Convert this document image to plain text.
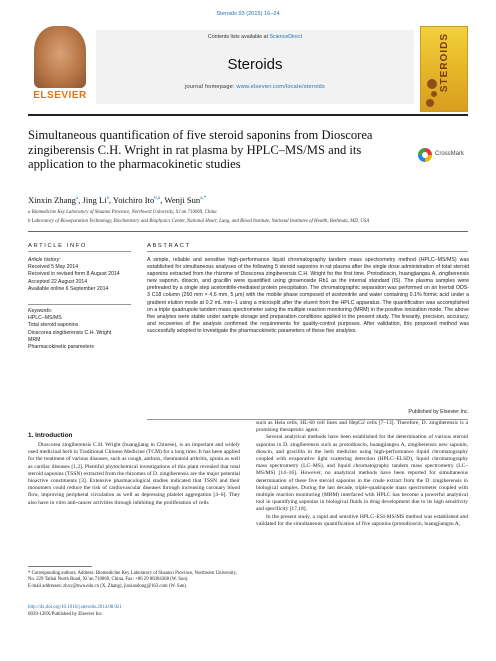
Steroids 93 (2015) 16–24
ELSEVIER
Contents lists available at ScienceDirect
Steroids
journal homepage: www.elsevier.com/locate/steroids	STEROIDS
Simultaneous quantification of five steroid saponins from Dioscorea zingiberensis C.H. Wright in rat plasma by HPLC–MS/MS and its application to the pharmacokinetic studies
CrossMark
Xinxin Zhang$^a$, Jing Li$^a$, Yoichiro Ito$^{b,a}$, Wenji Sun$^{a,*}$
a Biomedicine Key Laboratory of Shaanxi Province, Northwest University, Xi’an 710069, China
b Laboratory of Bioseparation Technology, Biochemistry and Biophysics Center, National Heart, Lung, and Blood Institute, National Institutes of Health, Bethesda, MD, USA
ARTICLE INFO
Article history:
Received 5 May 2014
Received in revised form 8 August 2014
Accepted 22 August 2014
Available online 6 September 2014
Keywords:
HPLC–MS/MS
Total steroid saponins
Dioscorea zingiberensis C.H. Wright
MRM
Pharmacokinetic parameters
ABSTRACT
A simple, reliable and sensitive high-performance liquid chromatography tandem mass spectrometry method (HPLC–MS/MS) was established for simultaneous analyses of the following 5 steroid saponins in rat plasma after the single dose administration of total steroid saponins extracted from the rhizome of Dioscorea zingiberensis C.H. Wright for the first time. Protodioscin, huangjiangsu A, zingiberensis new saponin, dioscin, and gracillin were quantified using ginsenoside Rb1 as the internal standard (IS). The plasma samples were pretreated by a single step acetonitrile-mediated protein precipitation. The chromatographic separation was performed on an Inertsil ODS-3 C18 column (250 mm × 4.6 mm, 5 μm) with the mobile phase composed of acetonitrile and water containing 0.1% formic acid under a gradient elution mode at 0.2 mL min−1 using a microsplit after the eluent from the HPLC apparatus. The quantification was accomplished on a triple quadrupole tandem mass spectrometer using the multiple reaction monitoring (MRM) in the positive ionization mode. The above five analytes were stable under sample storage and preparation conditions applied in the present study. The linearity, precision, accuracy, and recoveries of the analysis confirmed the requirements for quality-control purposes. After validation, this proposed method was successfully adopted to investigate the pharmacokinetic parameters of these five analytes.
Published by Elsevier Inc.
1. Introduction

Dioscorea zingiberensis C.H. Wright (huangjiang in Chinese), is an important and widely used medicinal herb in Traditional Chinese Medicine (TCM) for a long time. It has been applied for the treatment of various diseases, such as cough, anthrax, rheumatoid arthritis, sprain as well as cardiac diseases [1,2]. Plentiful phytochemical investigations of this plant revealed that total steroid saponins (TSSN) extracted from the rhizomes of D. zingiberensis are the major potential bioactive constituents [3]. Extensive pharmacological studies indicated that TSSN and their monomers could reduce the risk of cardiovascular diseases through increasing coronary blood flow, improving peripheral circulation as well as depressing platelet aggregation [4–6]. They also have in vitro anti-cancer activities through inhibiting the proliferation of cells

such as Hela cells, HL-60 cell lines and HepG2 cells [7–13]. Therefore, D. zingiberensis is a promising therapeutic agent.

Several analytical methods have been established for the determination of various steroid saponins in D. zingiberensis such as protodioscin, huangjiangsu A, zingiberensis new saponin, dioscin, and gracillin in the herb medicine using high-performance liquid chromatography coupled with evaporative light scattering detection (HPLC–ELSD), liquid chromatography mass spectrometry (LC–MS), and liquid chromatography tandem mass spectrometry (LC–MS/MS) [14–16]. However, no analytical methods have been reported for simultaneous determination of these five steroid saponins in the crude extract from the D. zingiberensis in biological samples. During the last decade, triple-quadrupole mass spectrometer coupled with multiple reaction monitoring (MRM) interfaced with HPLC has become a powerful analytical tool in quantifying saponins in biological fluids in drug development due to its high sensitivity and specificity [17,18].

In the present study, a rapid and sensitive HPLC–ESI-MS/MS method was established and validated for the simultaneous quantification of five saponins (protodioscin, huangjiangsu A,

* Corresponding authors. Address: Biomedicine Key Laboratory of Shaanxi Province, Northwest University, No. 229 Taibai North Road, Xi’an 710069, China. Fax: +86 29 88304368 (W. Sun).
E-mail addresses: zhxy@nwu.edu.cn (X. Zhang), jiaxiaodong@163.com (W. Sun).
http://dx.doi.org/10.1016/j.steroids.2014.08.021
0039-128X/Published by Elsevier Inc.
